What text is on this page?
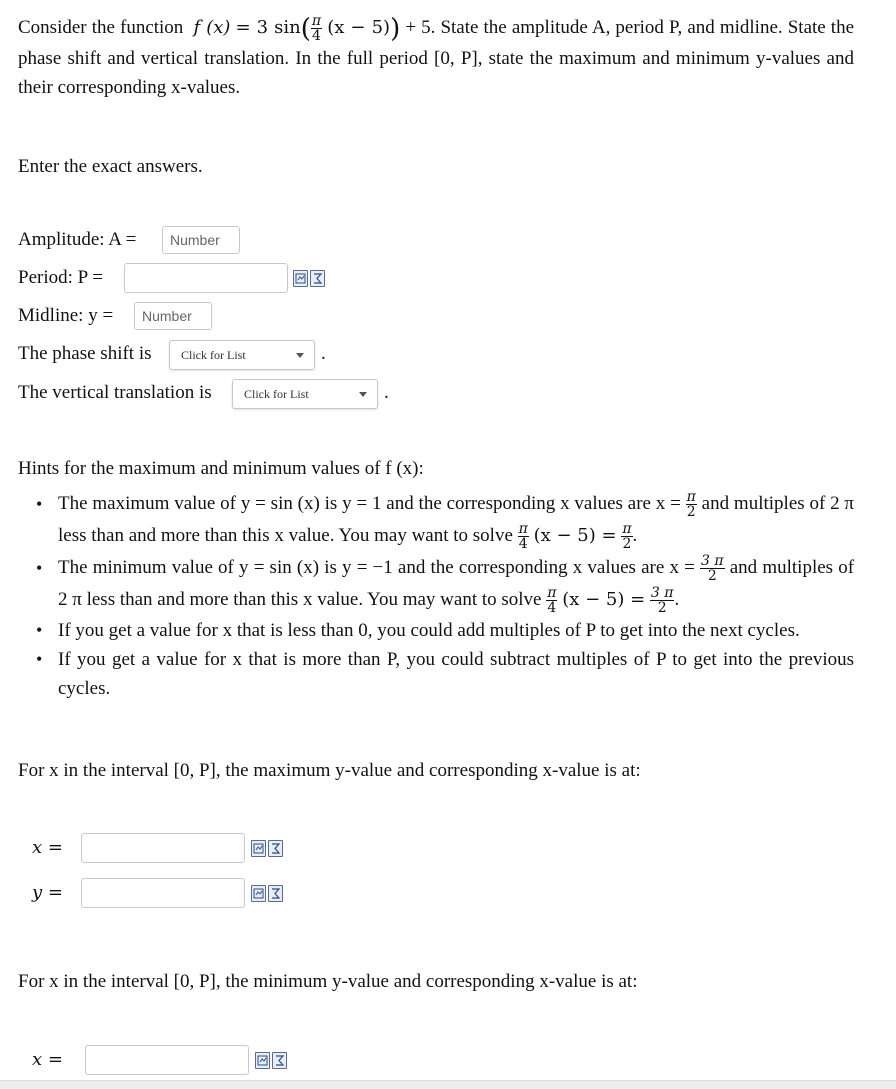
Consider the function f (x) = 3 $\sin( \frac{\pi}{4} (x - 5)) + 5$. State the amplitude A, period P, and midline. State the phase shift and vertical translation. In the full period [0, P], state the maximum and minimum y-values and their corresponding x-values.
Enter the exact answers.
Amplitude: A =
Number
Period: P =
Midline: y =
Number
The phase shift is	Click for List	.
The vertical translation is	Click for List	.
Hints for the maximum and minimum values of f (x):
• The maximum value of y = sin (x) is y = 1 and the corresponding x values are $x = \frac{\pi}{2}$ and multiples of 2 π less than and more than this x value. You may want to solve $\frac{\pi}{4} (x - 5) = \frac{\pi}{2}$ .
• The minimum value of y = sin (x) is y = −1 and the corresponding x values are $x = \frac{3 \pi}{2}$ and multiples of 2 π less than and more than this x value. You may want to solve $\frac{\pi}{4} (x - 5) = \frac{3 \pi}{2}$ .
• If you get a value for x that is less than 0, you could add multiples of P to get into the next cycles.
• If you get a value for x that is more than P, you could subtract multiples of P to get into the previous cycles.
For x in the interval [0, P], the maximum y-value and corresponding x-value is at:
x =
y =
For x in the interval [0, P], the minimum y-value and corresponding x-value is at:
x =
